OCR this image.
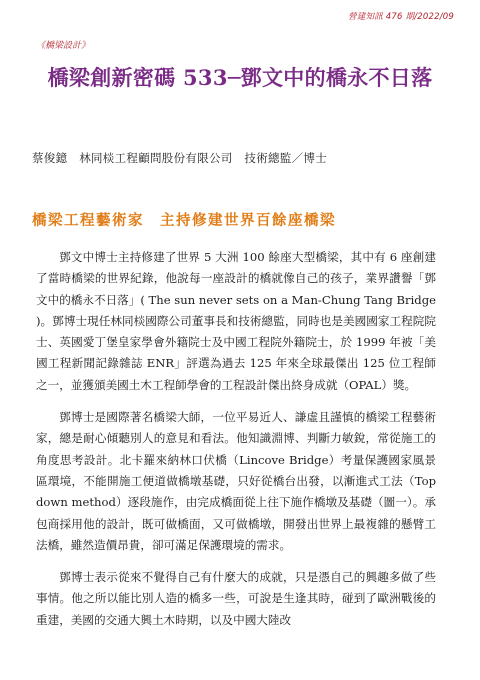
營建知訊 476 期/2022/09
《橋梁設計》
橋梁創新密碼 533─鄧文中的橋永不日落
蔡俊鐿　林同棪工程顧問股份有限公司　技術總監／博士
橋梁工程藝術家　主持修建世界百餘座橋梁

鄧文中博士主持修建了世界 5 大洲 100 餘座大型橋梁，其中有 6 座創建了當時橋梁的世界紀錄，他說每一座設計的橋就像自己的孩子，業界讚譽「鄧文中的橋永不日落」( The sun never sets on a Man-Chung Tang Bridge )。鄧博士現任林同棪國際公司董事長和技術總監，同時也是美國國家工程院院士、英國愛丁堡皇家學會外籍院士及中國工程院外籍院士，於 1999 年被「美國工程新聞記錄雜誌 ENR」評選為過去 125 年來全球最傑出 125 位工程師之一，並獲頒美國土木工程師學會的工程設計傑出終身成就（OPAL）獎。

鄧博士是國際著名橋梁大師，一位平易近人、謙虛且謹慎的橋梁工程藝術家，總是耐心傾聽別人的意見和看法。他知識淵博、判斷力敏銳，常從施工的角度思考設計。北卡羅來納林口伏橋（Lincove Bridge）考量保護國家風景區環境，不能開施工便道做橋墩基礎，只好從橋台出發，以漸進式工法（Top down method）逐段施作，由完成橋面從上往下施作橋墩及基礎（圖一）。承包商採用他的設計，既可做橋面，又可做橋墩，開發出世界上最複雜的懸臂工法橋，雖然造價昂貴，卻可滿足保護環境的需求。

鄧博士表示從來不覺得自己有什麼大的成就，只是憑自己的興趣多做了些事情。他之所以能比別人造的橋多一些，可說是生逢其時，碰到了歐洲戰後的重建，美國的交通大興土木時期，以及中國大陸改
